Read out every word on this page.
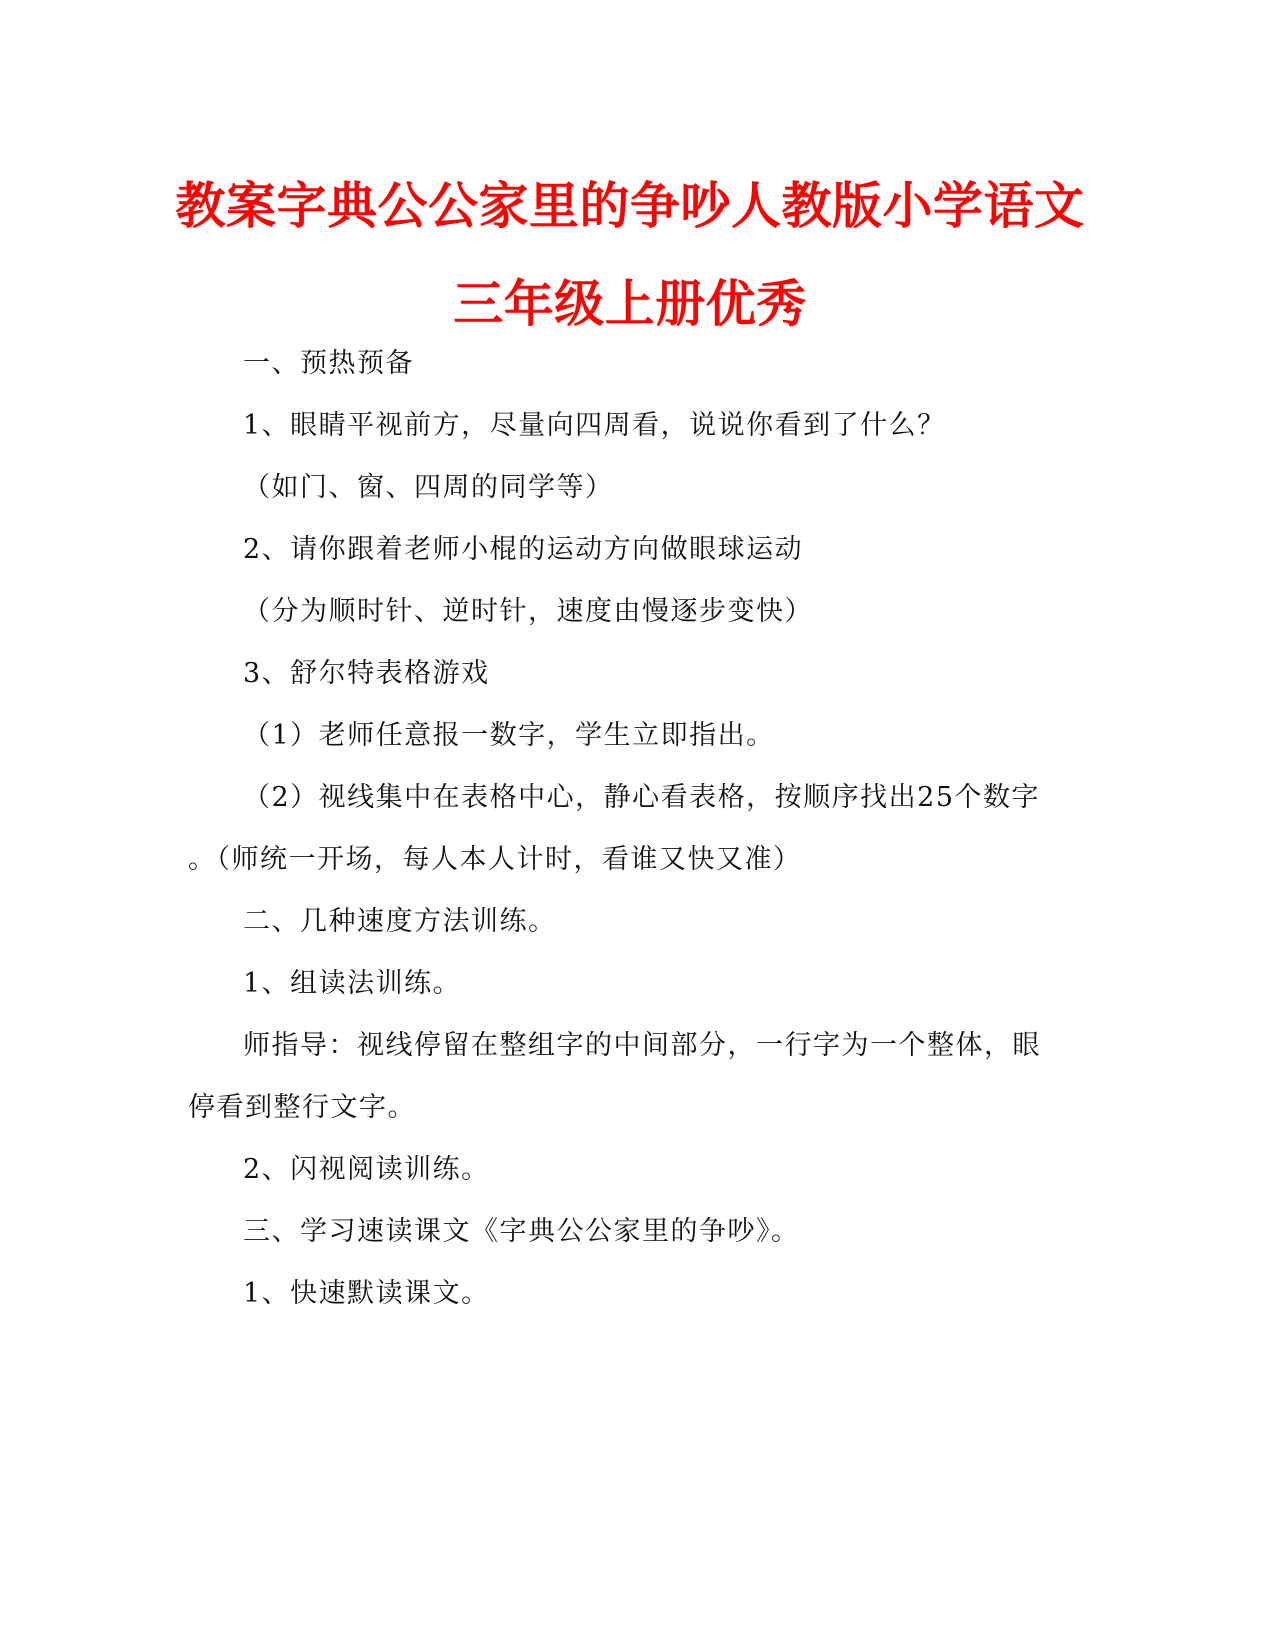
教案字典公公家里的争吵人教版小学语文
三年级上册优秀
一、预热预备
1、眼睛平视前方，尽量向四周看，说说你看到了什么？
（如门、窗、四周的同学等）
2、请你跟着老师小棍的运动方向做眼球运动
（分为顺时针、逆时针，速度由慢逐步变快）
3、舒尔特表格游戏
（1）老师任意报一数字，学生立即指出。
（2）视线集中在表格中心，静心看表格，按顺序找出25个数字
。（师统一开场，每人本人计时，看谁又快又准）
二、几种速度方法训练。
1、组读法训练。
师指导：视线停留在整组字的中间部分，一行字为一个整体，眼
停看到整行文字。
2、闪视阅读训练。
三、学习速读课文《字典公公家里的争吵》。
1、快速默读课文。
